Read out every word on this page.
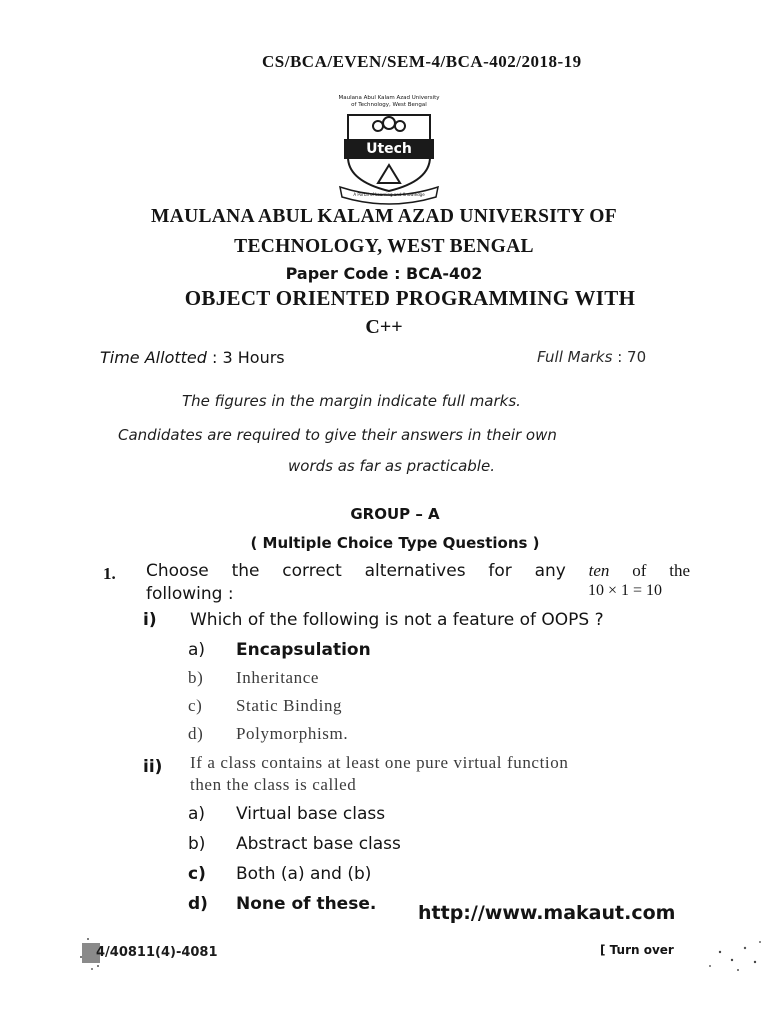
CS/BCA/EVEN/SEM-4/BCA-402/2018-19
Maulana Abul Kalam Azad University
of Technology, West Bengal
Utech
A Portal of Learning and Knowledge
MAULANA ABUL KALAM AZAD UNIVERSITY OF
TECHNOLOGY, WEST BENGAL
Paper Code : BCA-402
OBJECT ORIENTED PROGRAMMING WITH
C++
Time Allotted : 3 Hours	Full Marks : 70
The figures in the margin indicate full marks.
Candidates are required to give their answers in their own
words as far as practicable.
GROUP – A
( Multiple Choice Type Questions )
1. Choose the correct alternatives for any ten of the
following :	10 × 1 = 10
i) Which of the following is not a feature of OOPS ?
a) Encapsulation
b) Inheritance
c) Static Binding
d) Polymorphism.
ii) If a class contains at least one pure virtual function
then the class is called
a) Virtual base class
b) Abstract base class
c) Both (a) and (b)
d) None of these. http://www.makaut.com
4/40811(4)-4081	[ Turn over
